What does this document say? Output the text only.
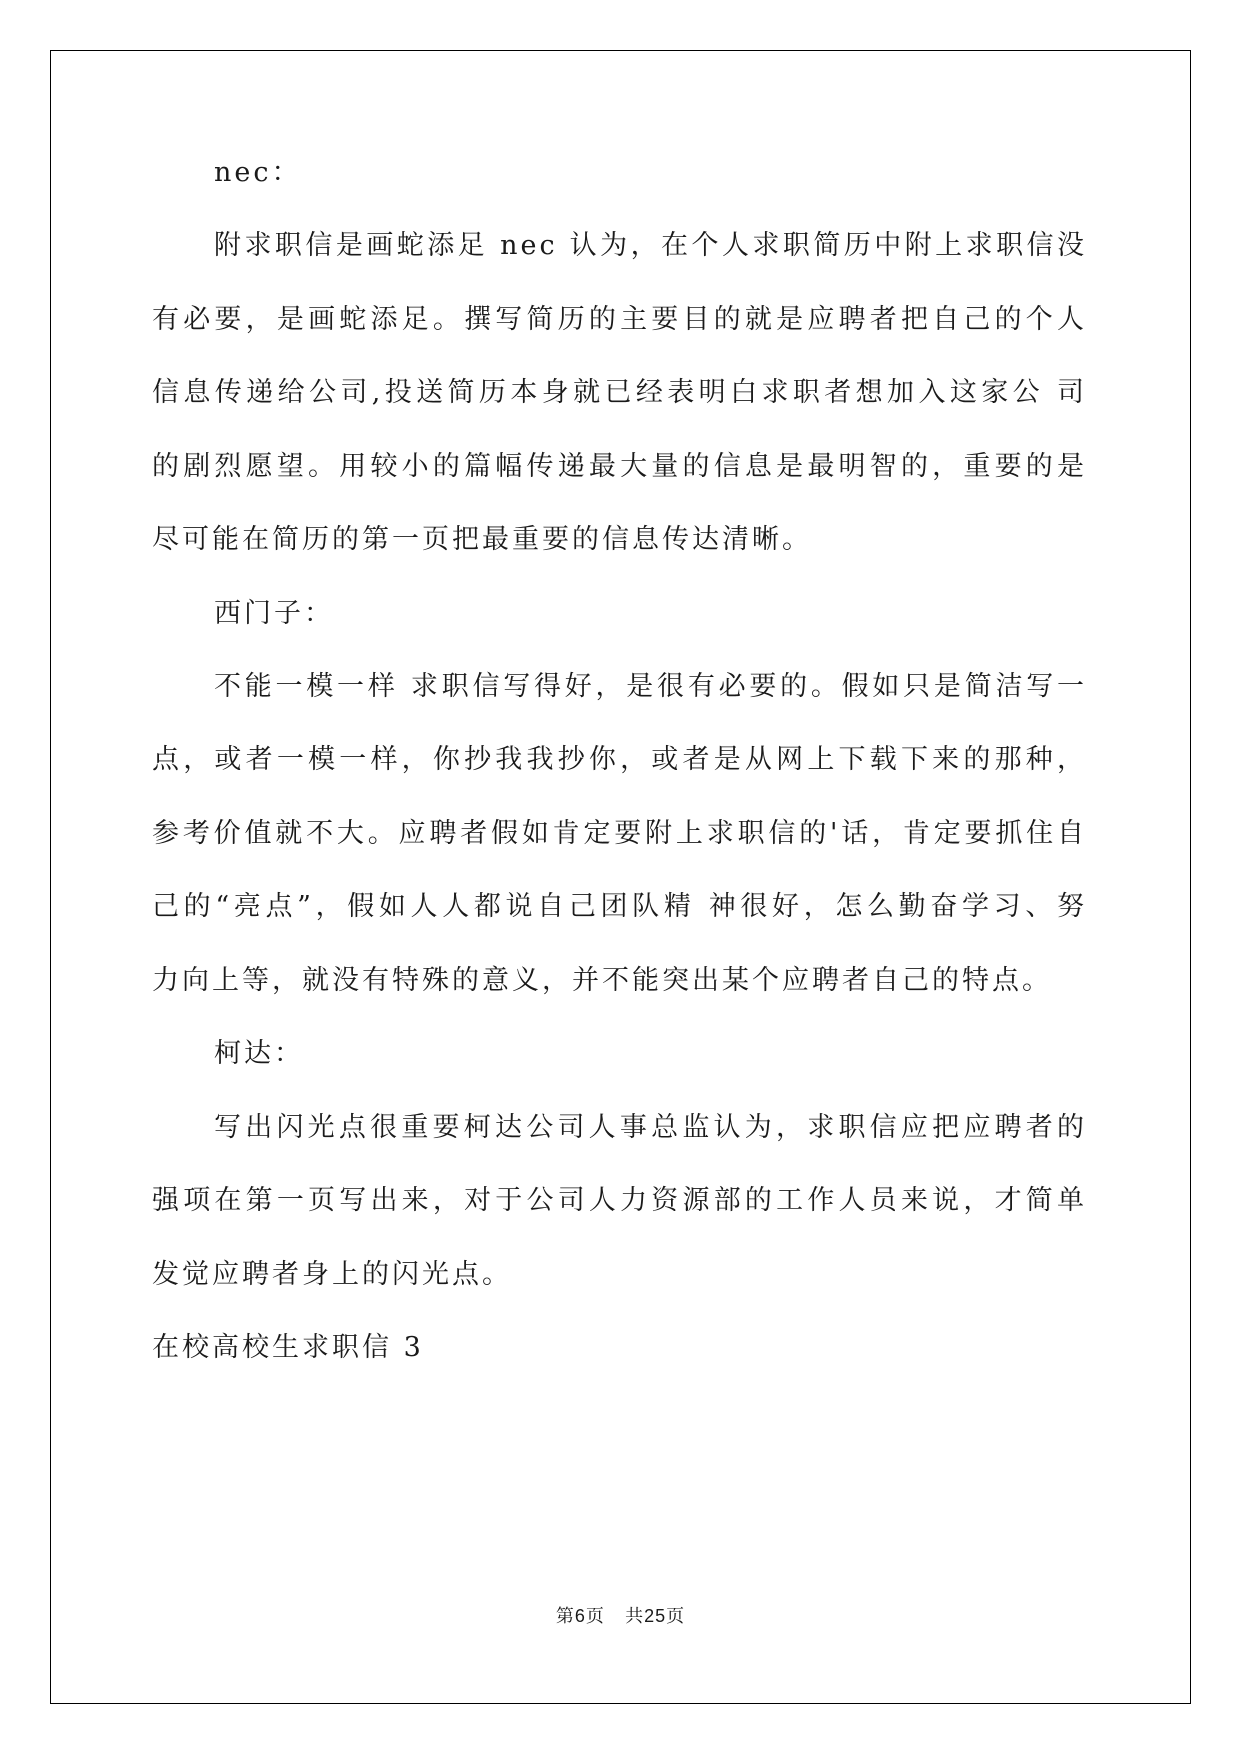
nec：
附求职信是画蛇添足 nec 认为，在个人求职简历中附上求职信没
有必要，是画蛇添足。撰写简历的主要目的就是应聘者把自己的个人
信息传递给公司,投送简历本身就已经表明白求职者想加入这家公 司
的剧烈愿望。用较小的篇幅传递最大量的信息是最明智的，重要的是
尽可能在简历的第一页把最重要的信息传达清晰。
西门子：
不能一模一样 求职信写得好，是很有必要的。假如只是简洁写一
点，或者一模一样，你抄我我抄你，或者是从网上下载下来的那种，
参考价值就不大。应聘者假如肯定要附上求职信的'话，肯定要抓住自
己的“亮点”，假如人人都说自己团队精 神很好，怎么勤奋学习、努
力向上等，就没有特殊的意义，并不能突出某个应聘者自己的特点。
柯达：
写出闪光点很重要柯达公司人事总监认为，求职信应把应聘者的
强项在第一页写出来，对于公司人力资源部的工作人员来说，才简单
发觉应聘者身上的闪光点。
在校高校生求职信 3
第6页 共25页
